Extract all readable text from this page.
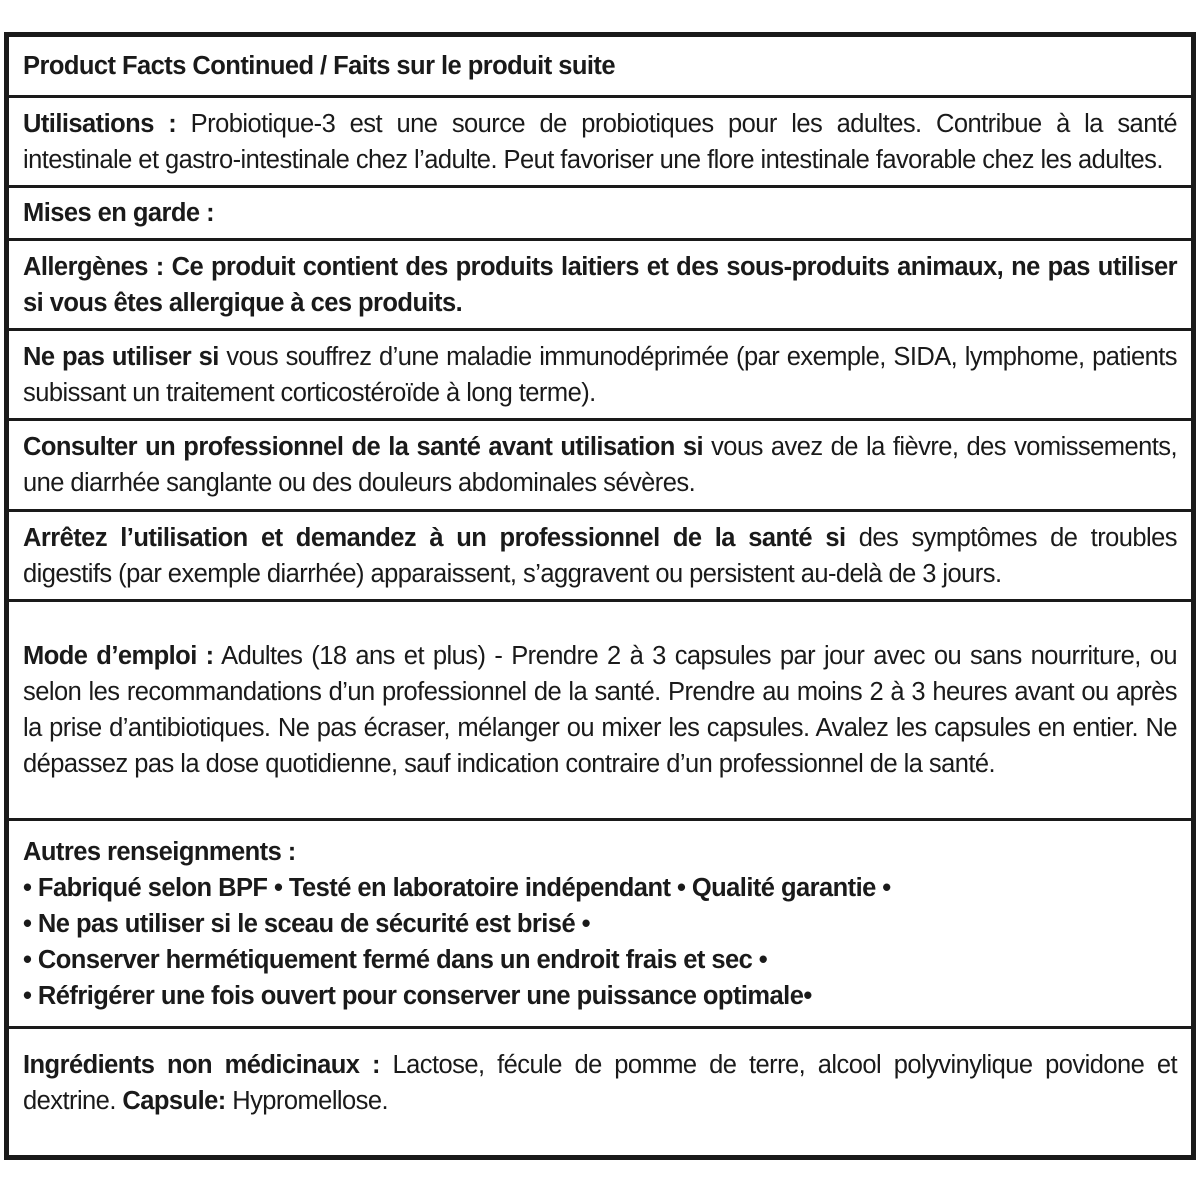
Product Facts Continued / Faits sur le produit suite

Utilisations : Probiotique-3 est une source de probiotiques pour les adultes. Contribue à la santé intestinale et gastro-intestinale chez l’adulte. Peut favoriser une flore intestinale favorable chez les adultes.

Mises en garde :

Allergènes : Ce produit contient des produits laitiers et des sous-produits animaux, ne pas utiliser si vous êtes allergique à ces produits.

Ne pas utiliser si vous souffrez d’une maladie immunodéprimée (par exemple, SIDA, lymphome, patients subissant un traitement corticostéroïde à long terme).

Consulter un professionnel de la santé avant utilisation si vous avez de la fièvre, des vomissements, une diarrhée sanglante ou des douleurs abdominales sévères.

Arrêtez l’utilisation et demandez à un professionnel de la santé si des symptômes de troubles digestifs (par exemple diarrhée) apparaissent, s’aggravent ou persistent au-delà de 3 jours.

Mode d’emploi : Adultes (18 ans et plus) - Prendre 2 à 3 capsules par jour avec ou sans nourriture, ou selon les recommandations d’un professionnel de la santé. Prendre au moins 2 à 3 heures avant ou après la prise d’antibiotiques. Ne pas écraser, mélanger ou mixer les capsules. Avalez les capsules en entier. Ne dépassez pas la dose quotidienne, sauf indication contraire d’un professionnel de la santé.

Autres renseignments :
• Fabriqué selon BPF • Testé en laboratoire indépendant • Qualité garantie •
• Ne pas utiliser si le sceau de sécurité est brisé •
• Conserver hermétiquement fermé dans un endroit frais et sec •
• Réfrigérer une fois ouvert pour conserver une puissance optimale•

Ingrédients non médicinaux : Lactose, fécule de pomme de terre, alcool polyvinylique povidone et dextrine. Capsule: Hypromellose.
